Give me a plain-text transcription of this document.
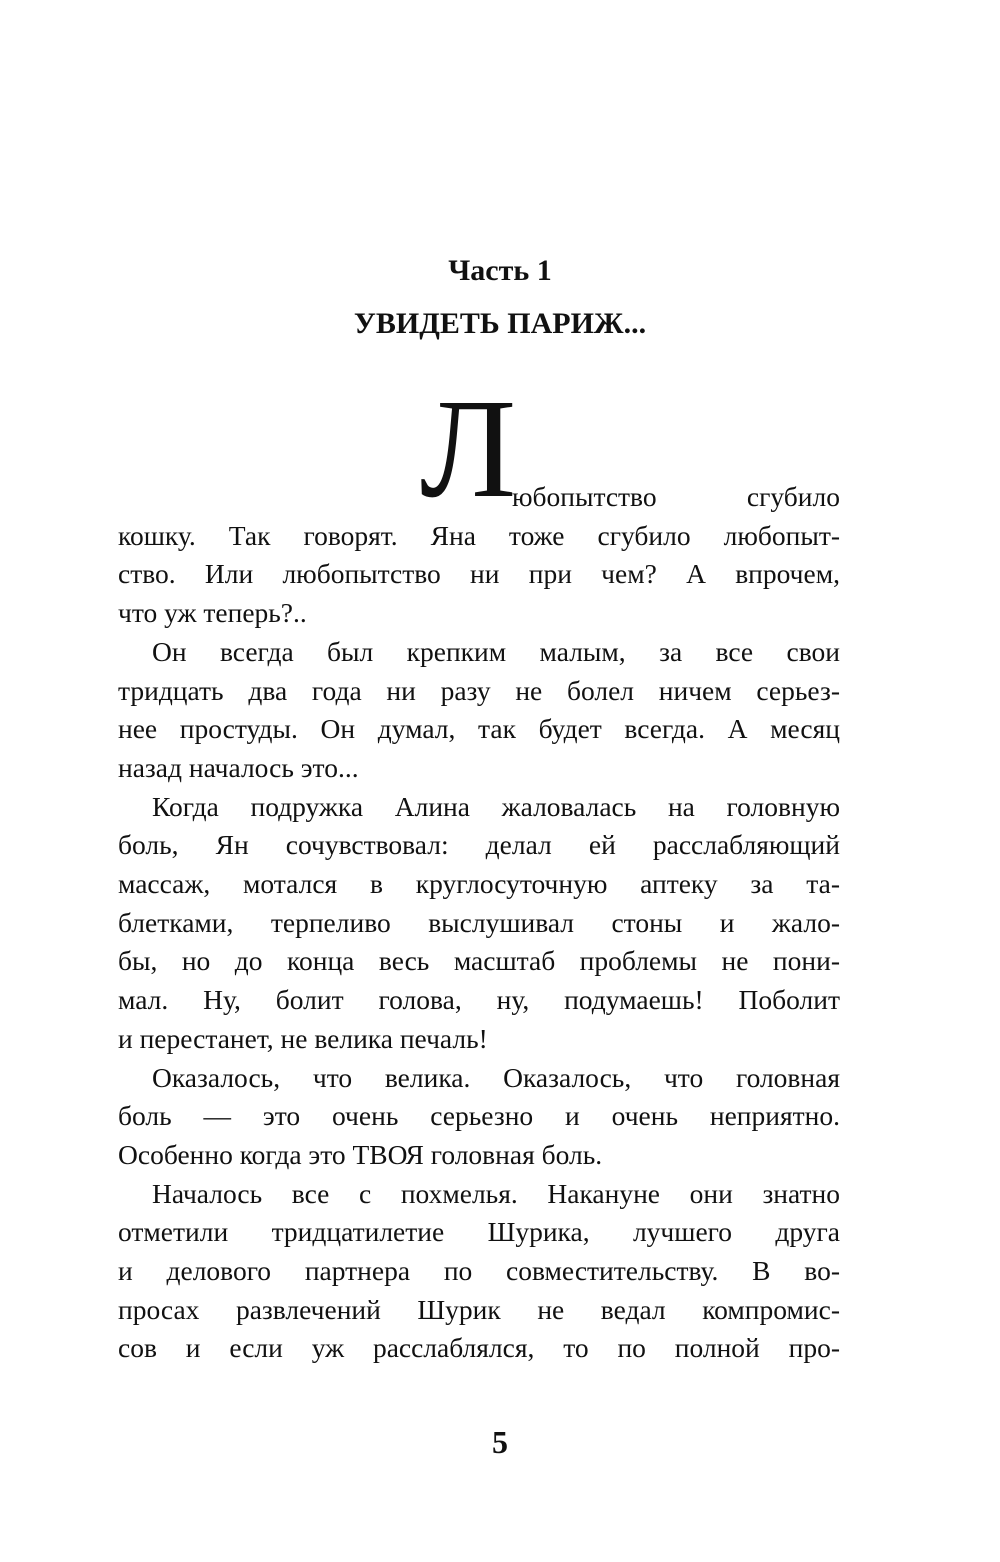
Часть 1
УВИДЕТЬ ПАРИЖ...
Л
юбопытство сгубило
кошку. Так говорят. Яна тоже сгубило любопыт-
ство. Или любопытство ни при чем? А впрочем,
что уж теперь?..
Он всегда был крепким малым, за все свои
тридцать два года ни разу не болел ничем серьез-
нее простуды. Он думал, так будет всегда. А месяц
назад началось это...
Когда подружка Алина жаловалась на головную
боль, Ян сочувствовал: делал ей расслабляющий
массаж, мотался в круглосуточную аптеку за та-
блетками, терпеливо выслушивал стоны и жало-
бы, но до конца весь масштаб проблемы не пони-
мал. Ну, болит голова, ну, подумаешь! Поболит
и перестанет, не велика печаль!
Оказалось, что велика. Оказалось, что головная
боль — это очень серьезно и очень неприятно.
Особенно когда это ТВОЯ головная боль.
Началось все с похмелья. Накануне они знатно
отметили тридцатилетие Шурика, лучшего друга
и делового партнера по совместительству. В во-
просах развлечений Шурик не ведал компромис-
сов и если уж расслаблялся, то по полной про-
5
